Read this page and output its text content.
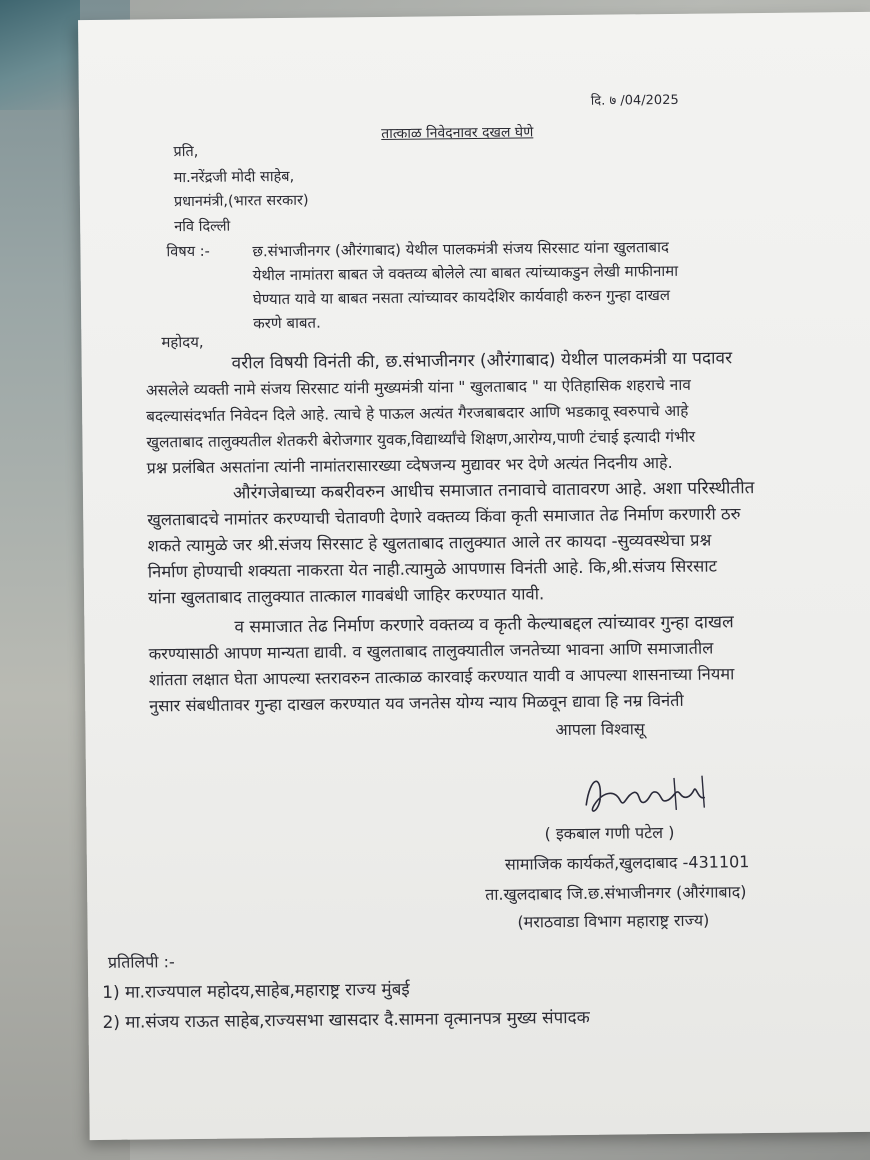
दि. ७ /04/2025
तात्काळ निवेदनावर दखल घेणे
प्रति,
मा.नरेंद्रजी मोदी साहेब,
प्रधानमंत्री,(भारत सरकार)
नवि दिल्ली
विषय :-	छ.संभाजीनगर (औरंगाबाद) येथील पालकमंत्री संजय सिरसाट यांना खुलताबाद
येथील नामांतरा बाबत जे वक्तव्य बोलेले त्या बाबत त्यांच्याकडुन लेखी माफीनामा
घेण्यात यावे या बाबत नसता त्यांच्यावर कायदेशिर कार्यवाही करुन गुन्हा दाखल
करणे बाबत.
महोदय,
वरील विषयी विनंती की, छ.संभाजीनगर (औरंगाबाद) येथील पालकमंत्री या पदावर
असलेले व्यक्ती नामे संजय सिरसाट यांनी मुख्यमंत्री यांना " खुलताबाद " या ऐतिहासिक शहराचे नाव
बदल्यासंदर्भात निवेदन दिले आहे. त्याचे हे पाऊल अत्यंत गैरजबाबदार आणि भडकावू स्वरुपाचे आहे
खुलताबाद तालुक्यतील शेतकरी बेरोजगार युवक,विद्यार्थ्यांचे शिक्षण,आरोग्य,पाणी टंचाई इत्यादी गंभीर
प्रश्न प्रलंबित असतांना त्यांनी नामांतरासारख्या व्देषजन्य मुद्यावर भर देणे अत्यंत निदनीय आहे.
औरंगजेबाच्या कबरीवरुन आधीच समाजात तनावाचे वातावरण आहे. अशा परिस्थीतीत
खुलताबादचे नामांतर करण्याची चेतावणी देणारे वक्तव्य किंवा कृती समाजात तेढ निर्माण करणारी ठरु
शकते त्यामुळे जर श्री.संजय सिरसाट हे खुलताबाद तालुक्यात आले तर कायदा -सुव्यवस्थेचा प्रश्न
निर्माण होण्याची शक्यता नाकरता येत नाही.त्यामुळे आपणास विनंती आहे. कि,श्री.संजय सिरसाट
यांना खुलताबाद तालुक्यात तात्काल गावबंधी जाहिर करण्यात यावी.
व समाजात तेढ निर्माण करणारे वक्तव्य व कृती केल्याबद्दल त्यांच्यावर गुन्हा दाखल
करण्यासाठी आपण मान्यता द्यावी. व खुलताबाद तालुक्यातील जनतेच्या भावना आणि समाजातील
शांतता लक्षात घेता आपल्या स्तरावरुन तात्काळ कारवाई करण्यात यावी व आपल्या शासनाच्या नियमा
नुसार संबधीतावर गुन्हा दाखल करण्यात यव जनतेस योग्य न्याय मिळवून द्यावा हि नम्र विनंती
आपला विश्वासू
( इकबाल गणी पटेल )
सामाजिक कार्यकर्ते,खुलदाबाद -431101
ता.खुलदाबाद जि.छ.संभाजीनगर (औरंगाबाद)
(मराठवाडा विभाग महाराष्ट्र राज्य)
प्रतिलिपी :-
1) मा.राज्यपाल महोदय,साहेब,महाराष्ट्र राज्य मुंबई
2) मा.संजय राऊत साहेब,राज्यसभा खासदार दै.सामना वृत्मानपत्र मुख्य संपादक
